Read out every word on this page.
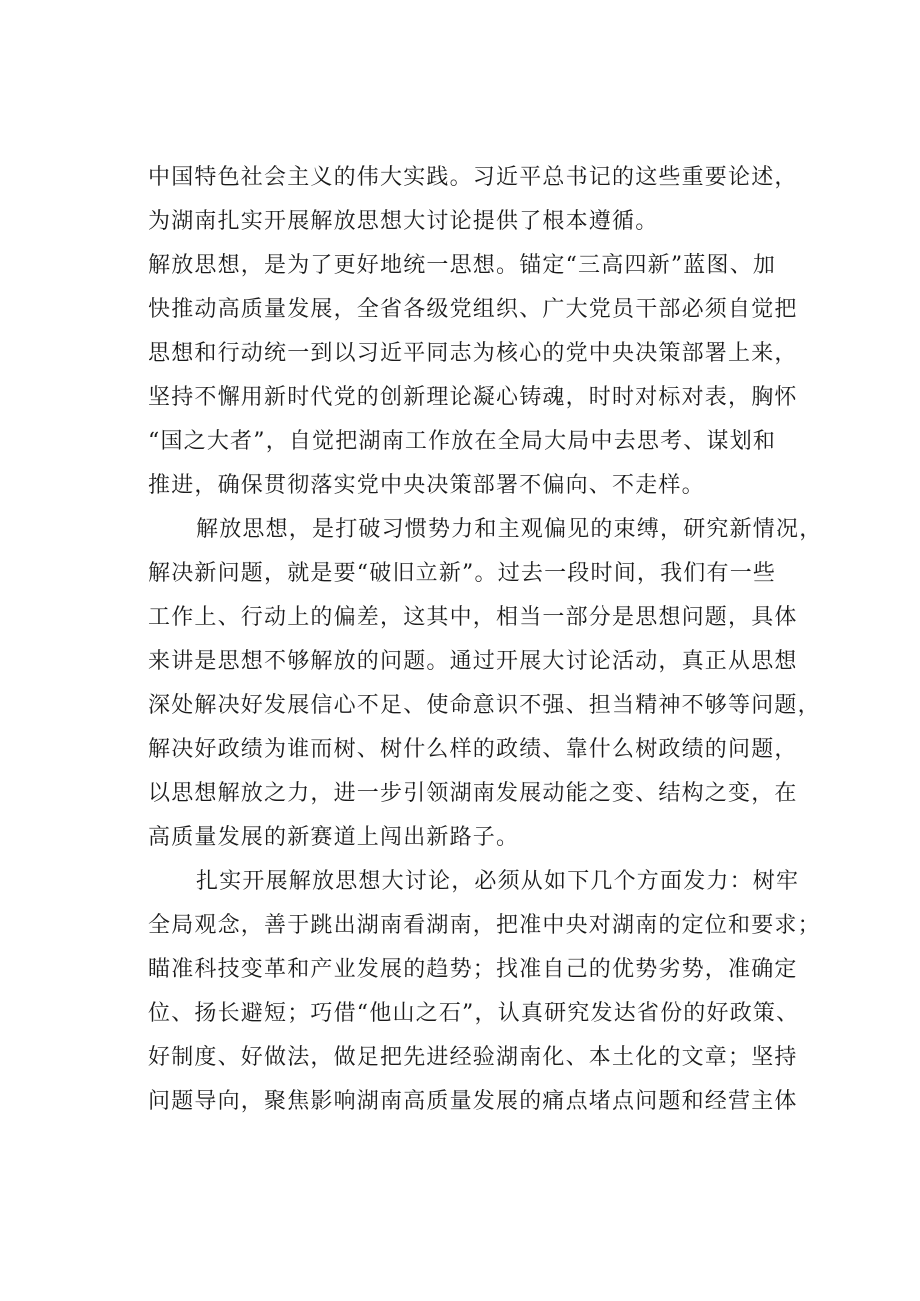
中国特色社会主义的伟大实践。习近平总书记的这些重要论述，
为湖南扎实开展解放思想大讨论提供了根本遵循。
解放思想，是为了更好地统一思想。锚定“三高四新”蓝图、加
快推动高质量发展，全省各级党组织、广大党员干部必须自觉把
思想和行动统一到以习近平同志为核心的党中央决策部署上来，
坚持不懈用新时代党的创新理论凝心铸魂，时时对标对表，胸怀
“国之大者”，自觉把湖南工作放在全局大局中去思考、谋划和
推进，确保贯彻落实党中央决策部署不偏向、不走样。
解放思想，是打破习惯势力和主观偏见的束缚，研究新情况，
解决新问题，就是要“破旧立新”。过去一段时间，我们有一些
工作上、行动上的偏差，这其中，相当一部分是思想问题，具体
来讲是思想不够解放的问题。通过开展大讨论活动，真正从思想
深处解决好发展信心不足、使命意识不强、担当精神不够等问题，
解决好政绩为谁而树、树什么样的政绩、靠什么树政绩的问题，
以思想解放之力，进一步引领湖南发展动能之变、结构之变，在
高质量发展的新赛道上闯出新路子。
扎实开展解放思想大讨论，必须从如下几个方面发力：树牢
全局观念，善于跳出湖南看湖南，把准中央对湖南的定位和要求；
瞄准科技变革和产业发展的趋势；找准自己的优势劣势，准确定
位、扬长避短；巧借“他山之石”，认真研究发达省份的好政策、
好制度、好做法，做足把先进经验湖南化、本土化的文章；坚持
问题导向，聚焦影响湖南高质量发展的痛点堵点问题和经营主体
